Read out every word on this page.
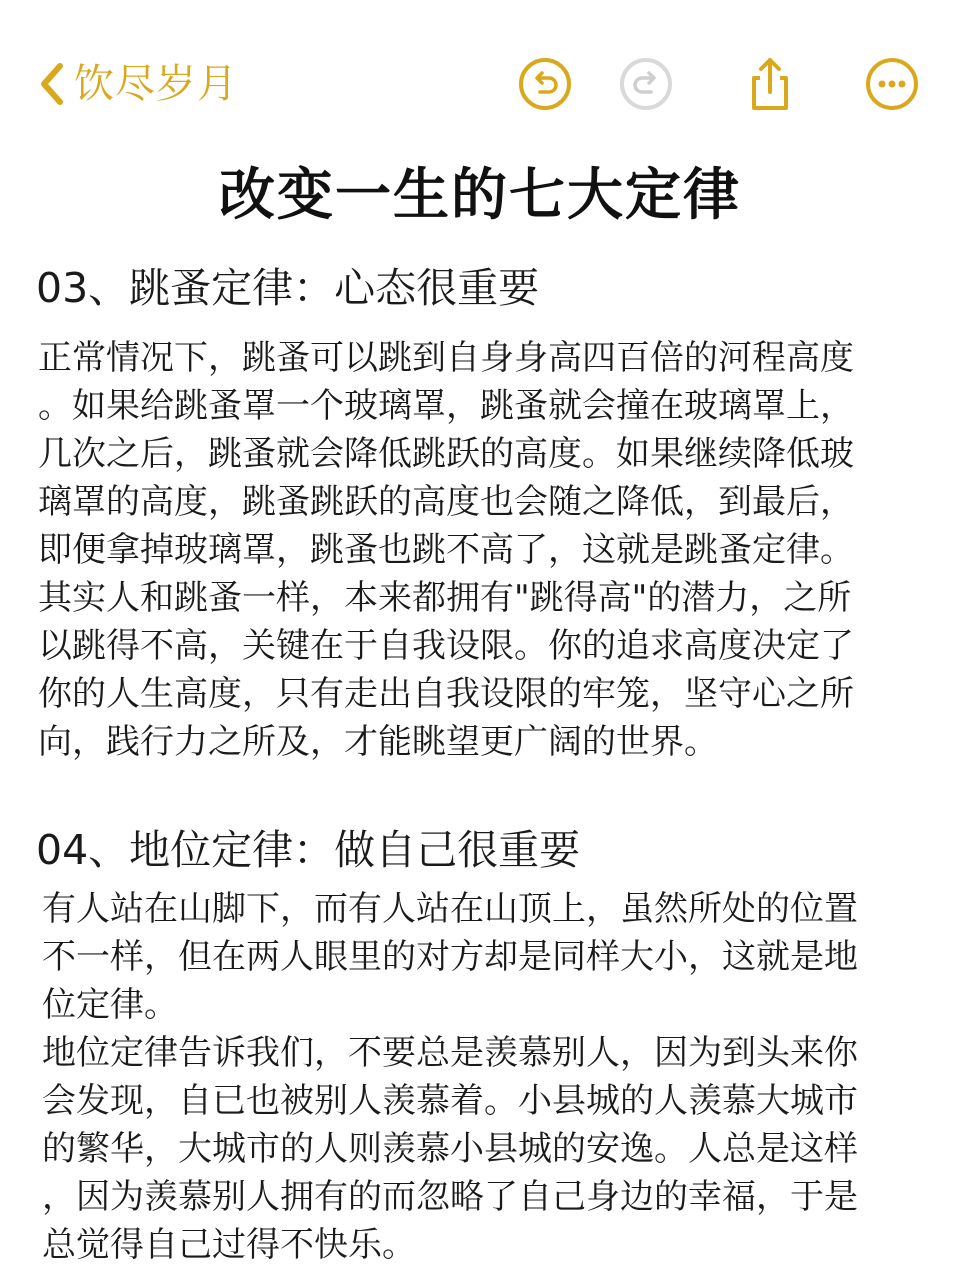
饮尽岁月
改变一生的七大定律
03、跳蚤定律：心态很重要
正常情况下，跳蚤可以跳到自身身高四百倍的河程高度
。如果给跳蚤罩一个玻璃罩，跳蚤就会撞在玻璃罩上，
几次之后，跳蚤就会降低跳跃的高度。如果继续降低玻
璃罩的高度，跳蚤跳跃的高度也会随之降低，到最后，
即便拿掉玻璃罩，跳蚤也跳不高了，这就是跳蚤定律。
其实人和跳蚤一样，本来都拥有"跳得高"的潜力，之所
以跳得不高，关键在于自我设限。你的追求高度决定了
你的人生高度，只有走出自我设限的牢笼，坚守心之所
向，践行力之所及，才能眺望更广阔的世界。
04、地位定律：做自己很重要
有人站在山脚下，而有人站在山顶上，虽然所处的位置
不一样，但在两人眼里的对方却是同样大小，这就是地
位定律。
地位定律告诉我们，不要总是羡慕别人，因为到头来你
会发现，自已也被别人羡慕着。小县城的人羡慕大城市
的繁华，大城市的人则羡慕小县城的安逸。人总是这样
，因为羡慕别人拥有的而忽略了自己身边的幸福，于是
总觉得自己过得不快乐。
